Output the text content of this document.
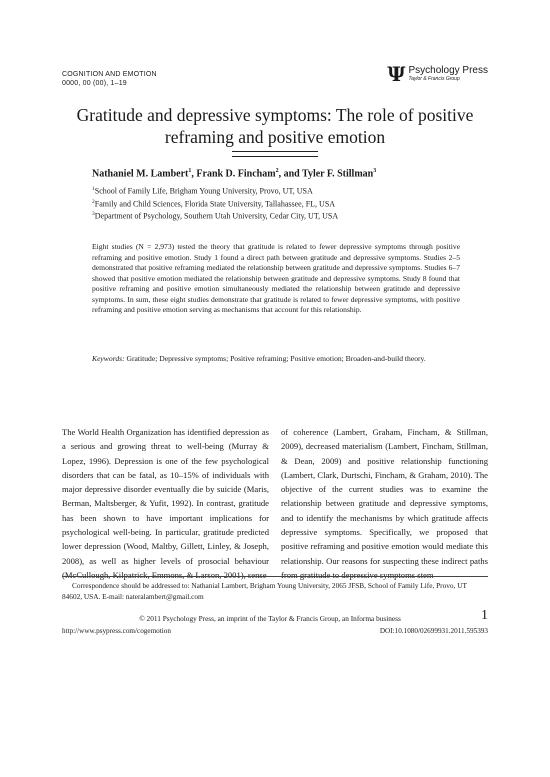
COGNITION AND EMOTION
0000, 00 (00), 1–19	Ψ Psychology Press
Taylor & Francis Group
Gratitude and depressive symptoms: The role of positive reframing and positive emotion
Nathaniel M. Lambert$^1$, Frank D. Fincham$^2$, and Tyler F. Stillman$^3$
$^1$School of Family Life, Brigham Young University, Provo, UT, USA
$^2$Family and Child Sciences, Florida State University, Tallahassee, FL, USA
$^3$Department of Psychology, Southern Utah University, Cedar City, UT, USA
Eight studies (N = 2,973) tested the theory that gratitude is related to fewer depressive symptoms through positive reframing and positive emotion. Study 1 found a direct path between gratitude and depressive symptoms. Studies 2–5 demonstrated that positive reframing mediated the relationship between gratitude and depressive symptoms. Studies 6–7 showed that positive emotion mediated the relationship between gratitude and depressive symptoms. Study 8 found that positive reframing and positive emotion simultaneously mediated the relationship between gratitude and depressive symptoms. In sum, these eight studies demonstrate that gratitude is related to fewer depressive symptoms, with positive reframing and positive emotion serving as mechanisms that account for this relationship.
Keywords: Gratitude; Depressive symptoms; Positive reframing; Positive emotion; Broaden-and-build theory.
The World Health Organization has identified depression as a serious and growing threat to well-being (Murray & Lopez, 1996). Depression is one of the few psychological disorders that can be fatal, as 10–15% of individuals with major depressive disorder eventually die by suicide (Maris, Berman, Maltsberger, & Yufit, 1992). In contrast, gratitude has been shown to have important implications for psychological well-being. In particular, gratitude predicted lower depression (Wood, Maltby, Gillett, Linley, & Joseph, 2008), as well as higher levels of prosocial behaviour (McCullough, Kilpatrick, Emmons, & Larson, 2001), sense
of coherence (Lambert, Graham, Fincham, & Stillman, 2009), decreased materialism (Lambert, Fincham, Stillman, & Dean, 2009) and positive relationship functioning (Lambert, Clark, Durtschi, Fincham, & Graham, 2010). The objective of the current studies was to examine the relationship between gratitude and depressive symptoms, and to identify the mechanisms by which gratitude affects depressive symptoms. Specifically, we proposed that positive reframing and positive emotion would mediate this relationship. Our reasons for suspecting these indirect paths from gratitude to depressive symptoms stem
Correspondence should be addressed to: Nathanial Lambert, Brigham Young University, 2065 JFSB, School of Family Life, Provo, UT 84602, USA. E-mail: nateralambert@gmail.com
© 2011 Psychology Press, an imprint of the Taylor & Francis Group, an Informa business	1
http://www.psypress.com/cogemotion	DOI:10.1080/02699931.2011.595393
